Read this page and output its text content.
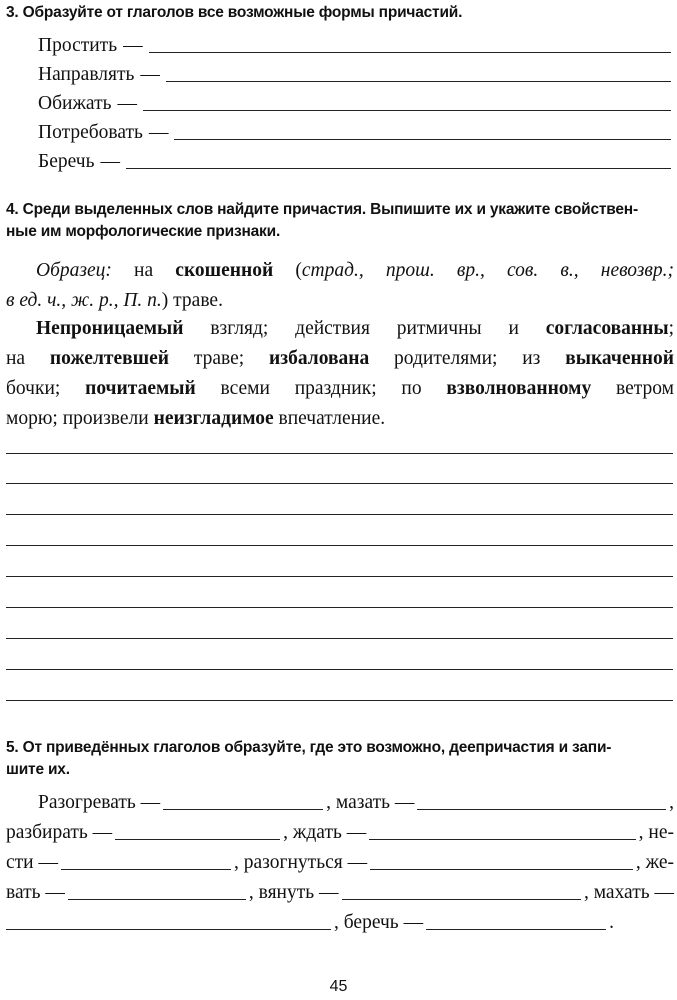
3. Образуйте от глаголов все возможные формы причастий.
Простить —
Направлять —
Обижать —
Потребовать —
Беречь —
4. Среди выделенных слов найдите причастия. Выпишите их и укажите свойствен-
ные им морфологические признаки.
Образец: на скошенной (страд., прош. вр., сов. в., невозвр.;
в ед. ч., ж. р., П. п.) траве.
Непроницаемый взгляд; действия ритмичны и согласованны;
на пожелтевшей траве; избалована родителями; из выкаченной
бочки; почитаемый всеми праздник; по взволнованному ветром
морю; произвели неизгладимое впечатление.
5. От приведённых глаголов образуйте, где это возможно, деепричастия и запи-
шите их.
Разогревать —	, мазать —	,
разбирать —	, ждать —	, не-
сти —	, разогнуться —	, же-
вать —	, вянуть —	, махать —
, беречь —	.
45
